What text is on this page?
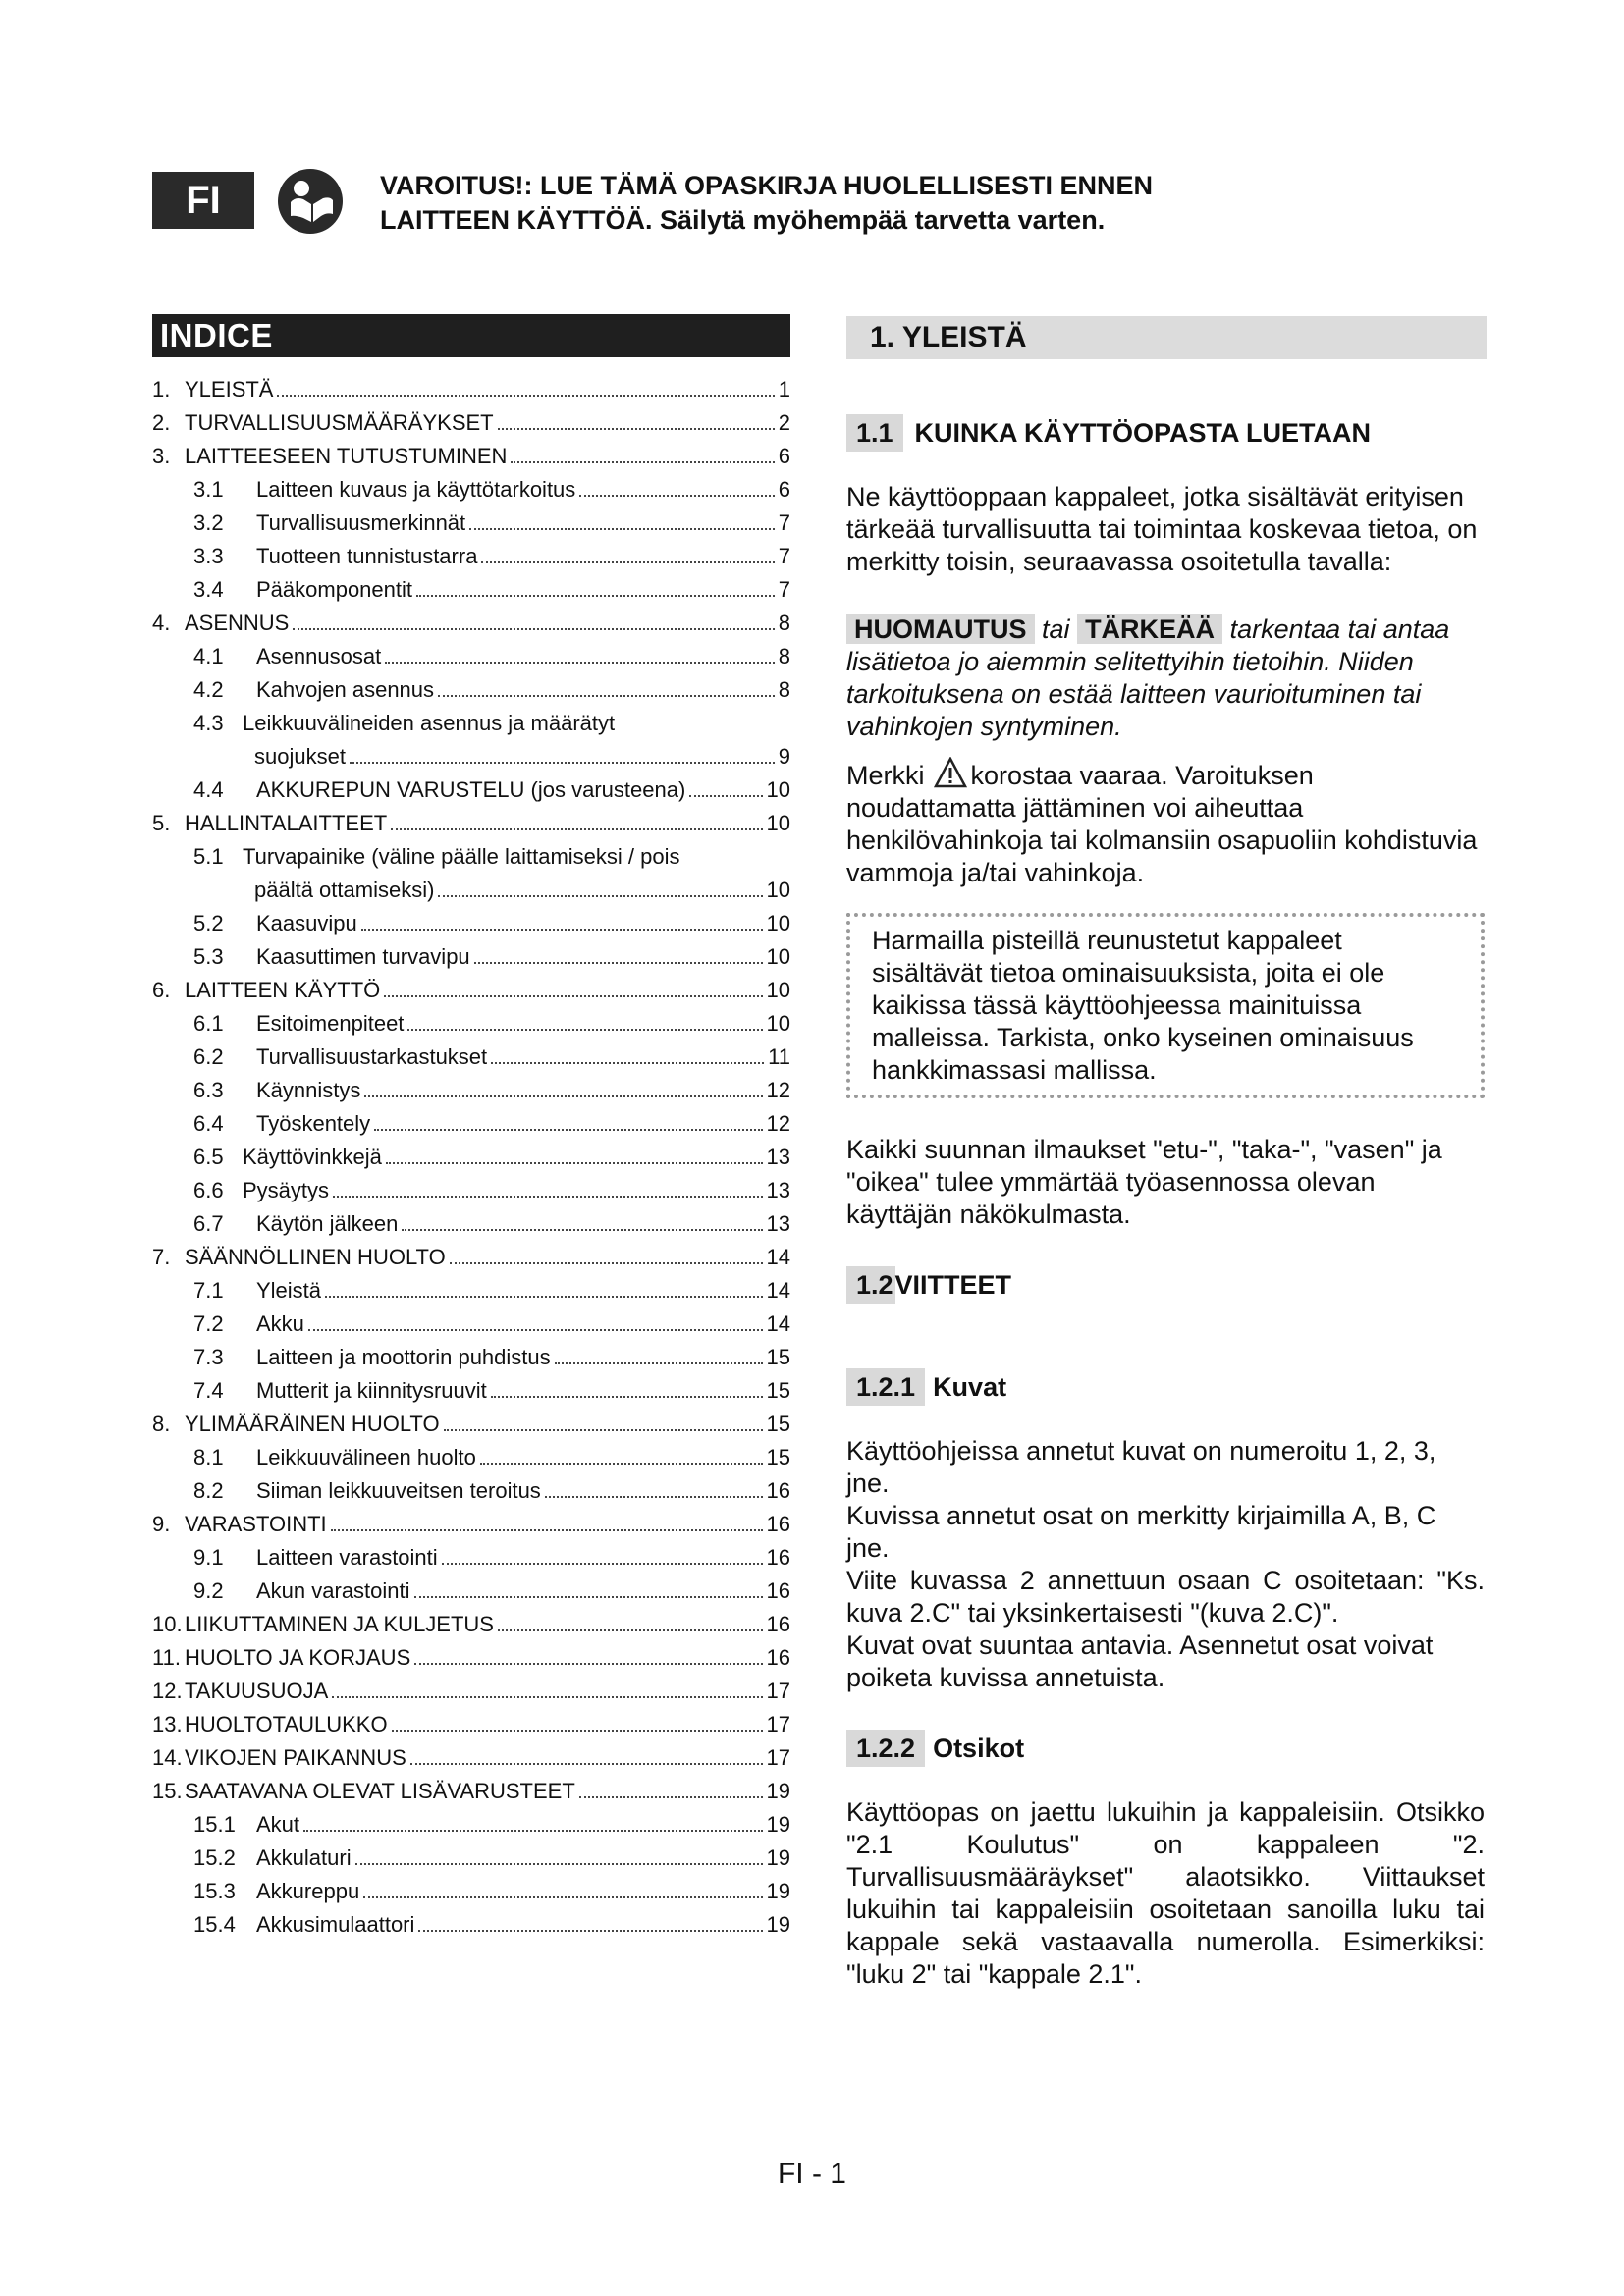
FI	VAROITUS!: LUE TÄMÄ OPASKIRJA HUOLELLISESTI ENNEN
LAITTEEN KÄYTTÖÄ. Säilytä myöhempää tarvetta varten.
INDICE
1. YLEISTÄ	1
2. TURVALLISUUSMÄÄRÄYKSET	2
3. LAITTEESEEN TUTUSTUMINEN	6
3.1	Laitteen kuvaus ja käyttötarkoitus	6
3.2	Turvallisuusmerkinnät	7
3.3	Tuotteen tunnistustarra	7
3.4	Pääkomponentit	7
4. ASENNUS	8
4.1	Asennusosat	8
4.2	Kahvojen asennus	8
4.3 Leikkuuvälineiden asennus ja määrätyt
suojukset	9
4.4	AKKUREPUN VARUSTELU (jos varusteena)	10
5. HALLINTALAITTEET	10
5.1 Turvapainike (väline päälle laittamiseksi / pois
päältä ottamiseksi)	10
5.2	Kaasuvipu	10
5.3	Kaasuttimen turvavipu	10
6. LAITTEEN KÄYTTÖ	10
6.1	Esitoimenpiteet	10
6.2	Turvallisuustarkastukset	11
6.3	Käynnistys	12
6.4	Työskentely	12
6.5 Käyttövinkkejä	13
6.6 Pysäytys	13
6.7	Käytön jälkeen	13
7. SÄÄNNÖLLINEN HUOLTO	14
7.1	Yleistä	14
7.2	Akku	14
7.3	Laitteen ja moottorin puhdistus	15
7.4	Mutterit ja kiinnitysruuvit	15
8. YLIMÄÄRÄINEN HUOLTO	15
8.1	Leikkuuvälineen huolto	15
8.2	Siiman leikkuuveitsen teroitus	16
9. VARASTOINTI	16
9.1	Laitteen varastointi	16
9.2	Akun varastointi	16
10. LIIKUTTAMINEN JA KULJETUS	16
11. HUOLTO JA KORJAUS	16
12. TAKUUSUOJA	17
13. HUOLTOTAULUKKO	17
14. VIKOJEN PAIKANNUS	17
15. SAATAVANA OLEVAT LISÄVARUSTEET	19
15.1 Akut	19
15.2 Akkulaturi	19
15.3 Akkureppu	19
15.4 Akkusimulaattori	19
1. YLEISTÄ
1.1 KUINKA KÄYTTÖOPASTA LUETAAN

Ne käyttöoppaan kappaleet, jotka sisältävät erityisen tärkeää turvallisuutta tai toimintaa koskevaa tietoa, on merkitty toisin, seuraavassa osoitetulla tavalla:

HUOMAUTUS tai TÄRKEÄÄ tarkentaa tai antaa lisätietoa jo aiemmin selitettyihin tietoihin. Niiden tarkoituksena on estää laitteen vaurioituminen tai vahinkojen syntyminen.

Merkki korostaa vaaraa. Varoituksen noudattamatta jättäminen voi aiheuttaa henkilövahinkoja tai kolmansiin osapuoliin kohdistuvia vammoja ja/tai vahinkoja.

Harmailla pisteillä reunustetut kappaleet sisältävät tietoa ominaisuuksista, joita ei ole kaikissa tässä käyttöohjeessa mainituissa malleissa. Tarkista, onko kyseinen ominaisuus hankkimassasi mallissa.

Kaikki suunnan ilmaukset "etu-", "taka-", "vasen" ja "oikea" tulee ymmärtää työasennossa olevan käyttäjän näkökulmasta.

1.2 VIITTEET
1.2.1 Kuvat

Käyttöohjeissa annetut kuvat on numeroitu 1, 2, 3, jne.

Kuvissa annetut osat on merkitty kirjaimilla A, B, C jne.

Viite kuvassa 2 annettuun osaan C osoitetaan: "Ks. kuva 2.C" tai yksinkertaisesti "(kuva 2.C)".

Kuvat ovat suuntaa antavia. Asennetut osat voivat poiketa kuvissa annetuista.

1.2.2 Otsikot

Käyttöopas on jaettu lukuihin ja kappaleisiin. Otsikko "2.1 Koulutus" on kappaleen "2. Turvallisuusmääräykset" alaotsikko. Viittaukset lukuihin tai kappaleisiin osoitetaan sanoilla luku tai kappale sekä vastaavalla numerolla. Esimerkiksi: "luku 2" tai "kappale 2.1".

FI - 1
